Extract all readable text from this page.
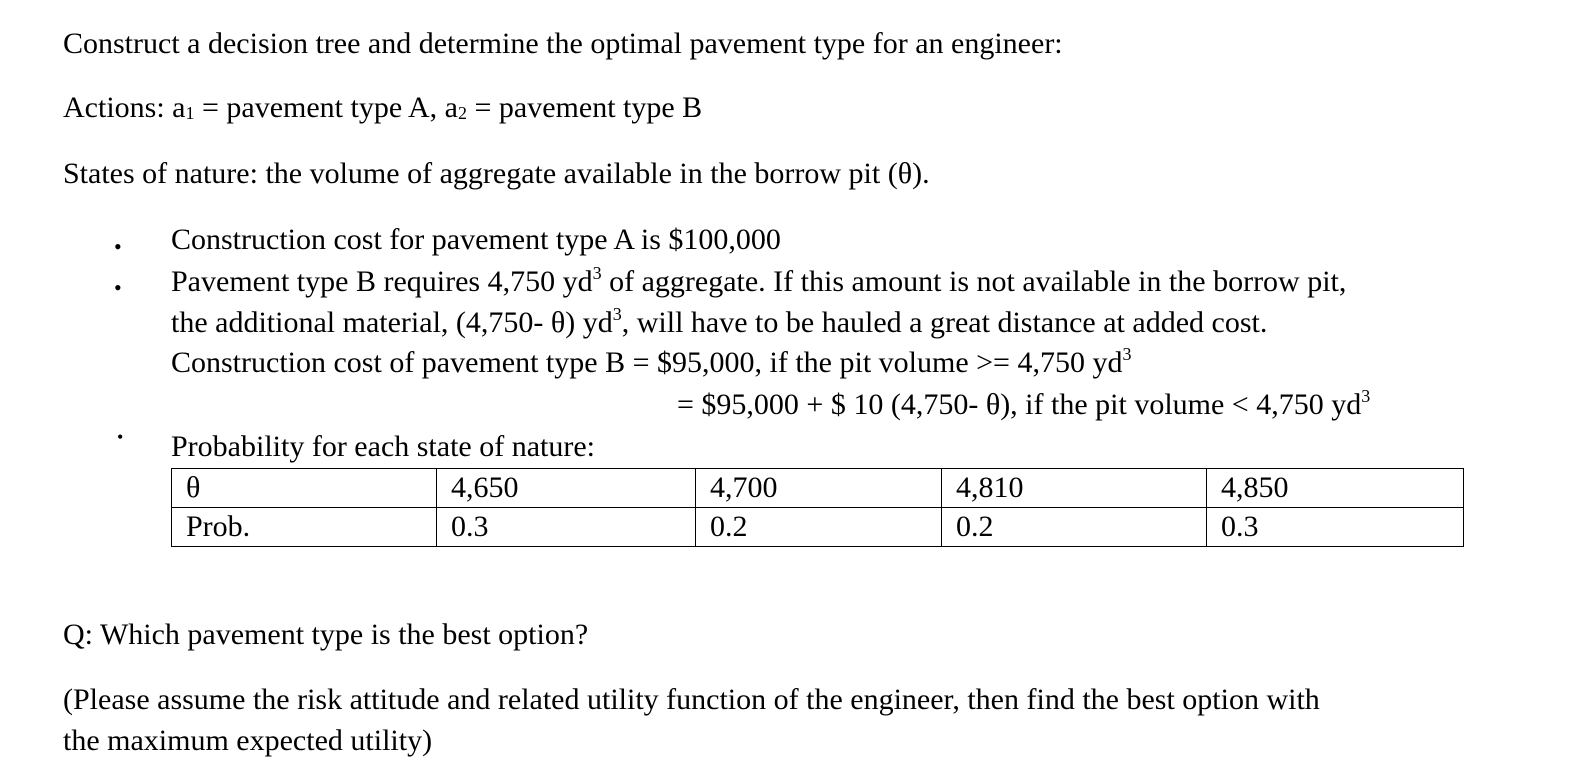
Construct a decision tree and determine the optimal pavement type for an engineer:
Actions: $a_1$ = pavement type A, $a_2$ = pavement type B
States of nature: the volume of aggregate available in the borrow pit (θ).
• Construction cost for pavement type A is $100,000
• Pavement type B requires 4,750 $yd^3$ of aggregate. If this amount is not available in the borrow pit,
the additional material, (4,750- θ) $yd^3$, will have to be hauled a great distance at added cost.
Construction cost of pavement type B = $95,000, if the pit volume >= 4,750 $yd^3$
= $95,000 + $ 10 (4,750- θ), if the pit volume < 4,750 $yd^3$
• Probability for each state of nature:
θ	4,650	4,700	4,810	4,850
Prob.	0.3	0.2	0.2	0.3
Q: Which pavement type is the best option?
(Please assume the risk attitude and related utility function of the engineer, then find the best option with
the maximum expected utility)
